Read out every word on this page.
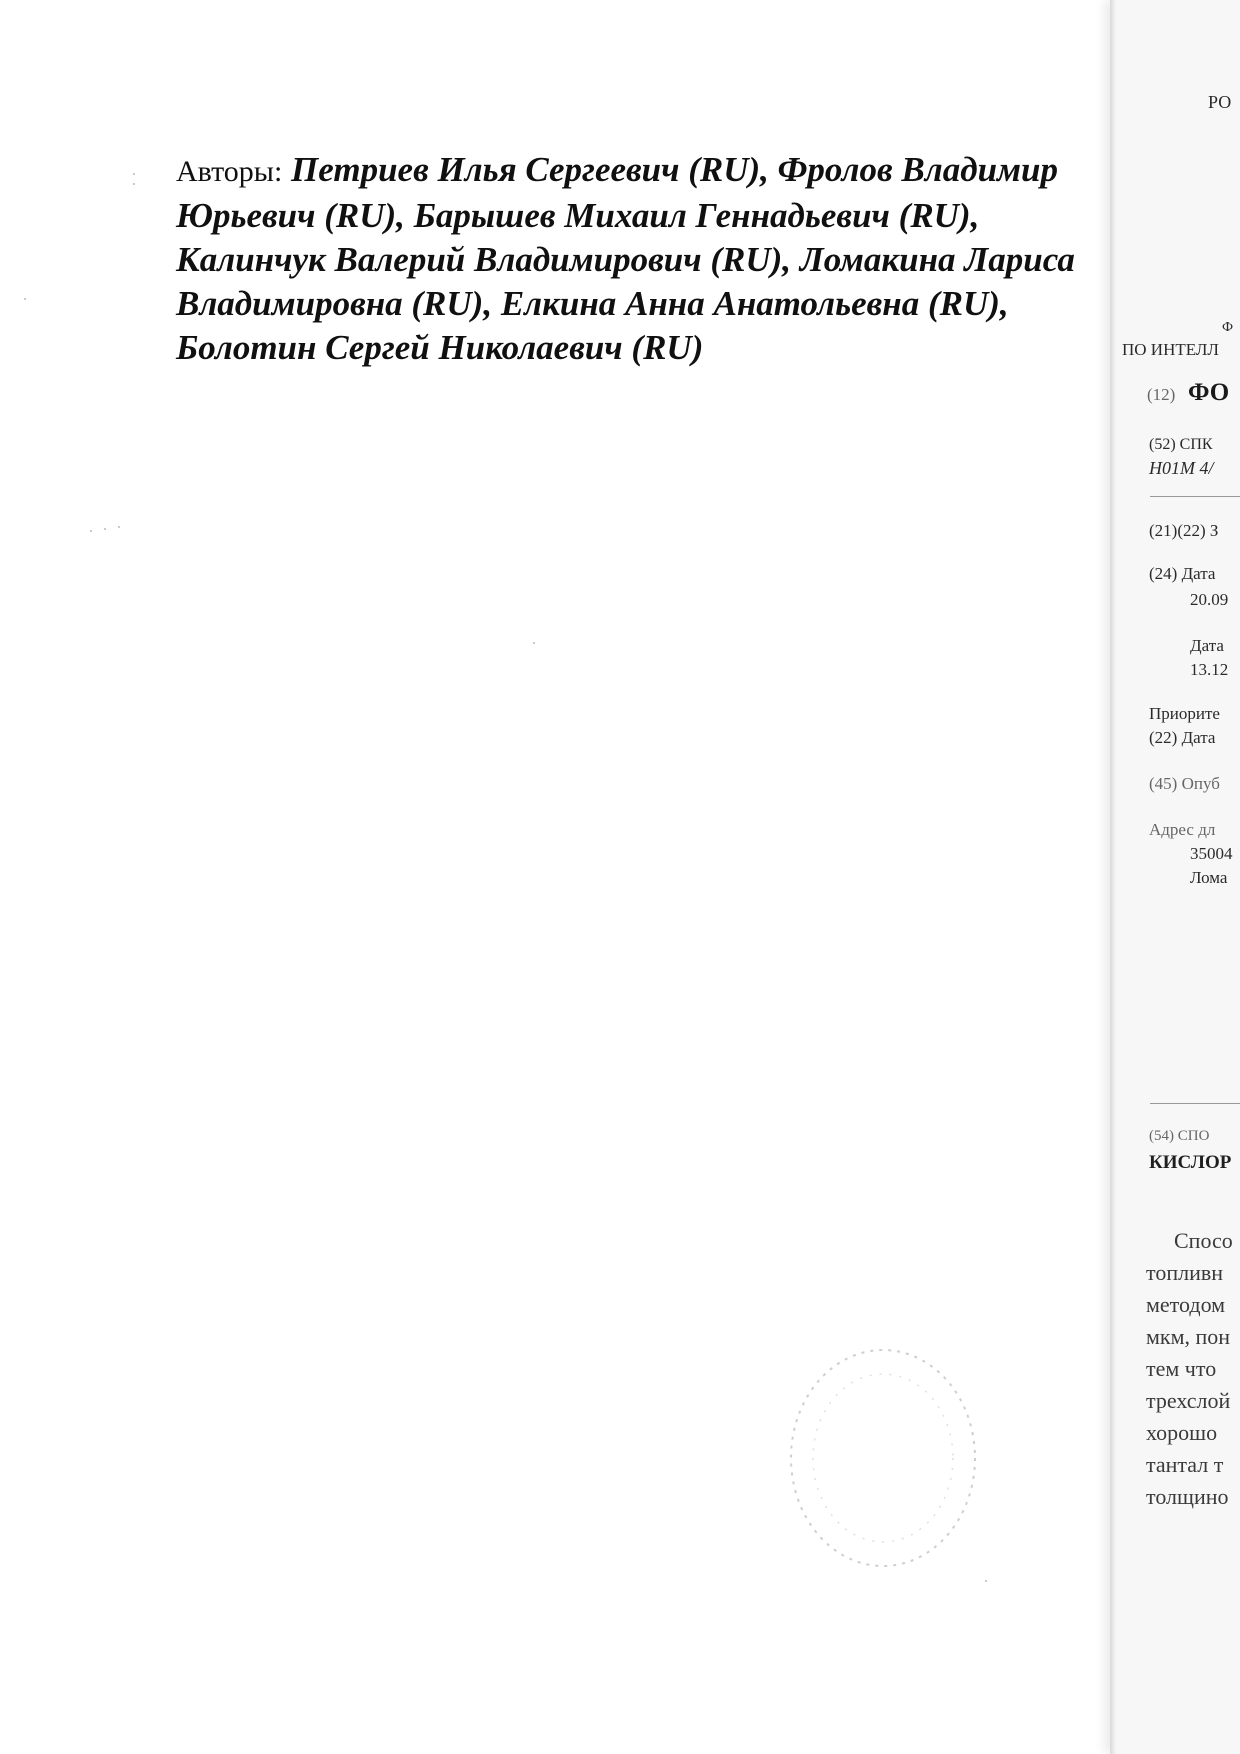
Авторы: Петриев Илья Сергеевич (RU), Фролов Владимир Юрьевич (RU), Барышев Михаил Геннадьевич (RU), Калинчук Валерий Владимирович (RU), Ломакина Лариса Владимировна (RU), Елкина Анна Анатольевна (RU), Болотин Сергей Николаевич (RU)
РО
Ф
ПО ИНТЕЛЛ
(12) ФО
(52) СПК
H01M 4/
(21)(22) З
(24) Дата
20.09
Дата
13.12
Приорите
(22) Дата
(45) Опуб
Адрес дл
35004
Лома
(54) СПО
КИСЛОР
Спосо
топливн
методом
мкм, пон
тем что
трехслой
хорошо
тантал т
толщино
